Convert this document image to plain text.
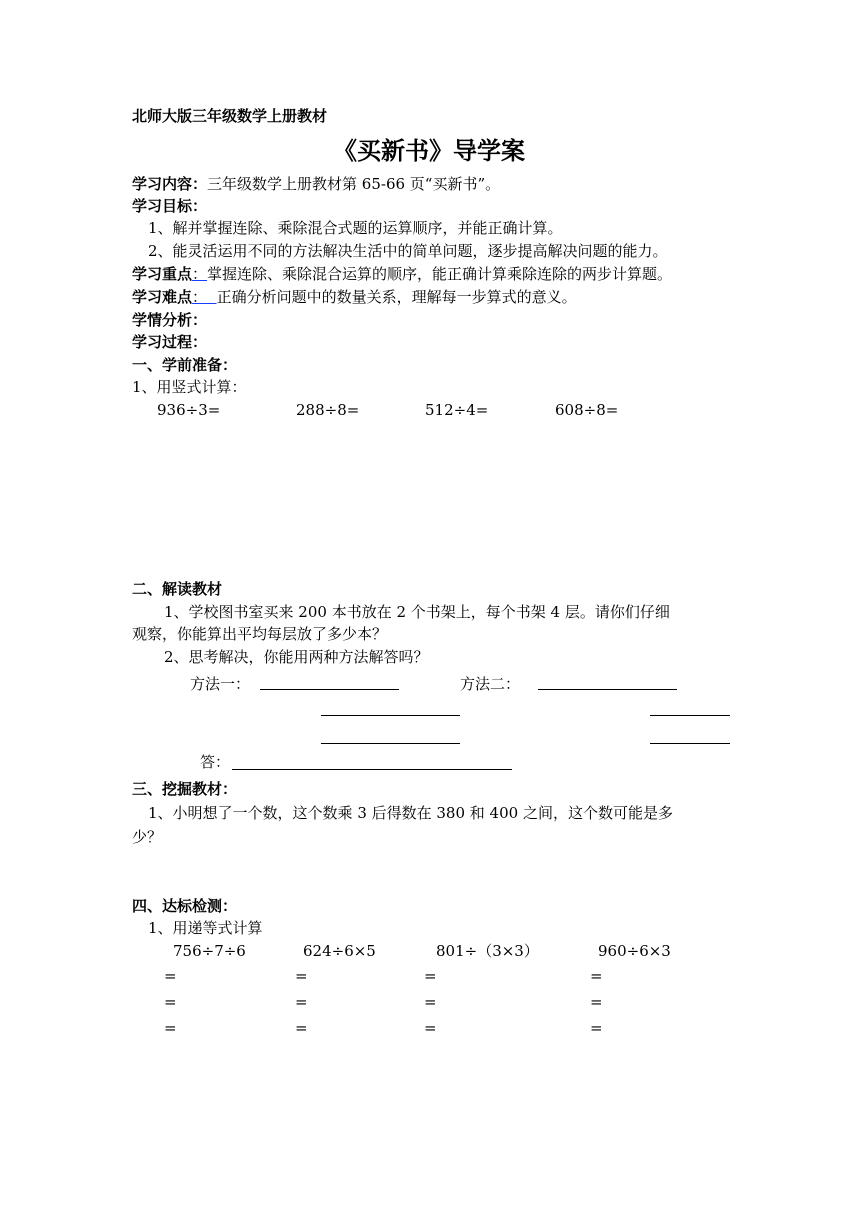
北师大版三年级数学上册教材
《买新书》导学案
学习内容：三年级数学上册教材第 65-66 页“买新书”。
学习目标：
1、解并掌握连除、乘除混合式题的运算顺序，并能正确计算。
2、能灵活运用不同的方法解决生活中的简单问题，逐步提高解决问题的能力。
学习重点：掌握连除、乘除混合运算的顺序，能正确计算乘除连除的两步计算题。
学习难点： 正确分析问题中的数量关系，理解每一步算式的意义。
学情分析：
学习过程：
一、学前准备：
1、用竖式计算：
936÷3=	288÷8=	512÷4=	608÷8=
二、解读教材
1、学校图书室买来 200 本书放在 2 个书架上，每个书架 4 层。请你们仔细
观察，你能算出平均每层放了多少本？
2、思考解决，你能用两种方法解答吗？
方法一：	方法二：
答：
三、挖掘教材：
1、小明想了一个数，这个数乘 3 后得数在 380 和 400 之间，这个数可能是多
少？
四、达标检测：
1、用递等式计算
756÷7÷6	624÷6×5	801÷（3×3）	960÷6×3
=	=	=	=
=	=	=	=
=	=	=	=
